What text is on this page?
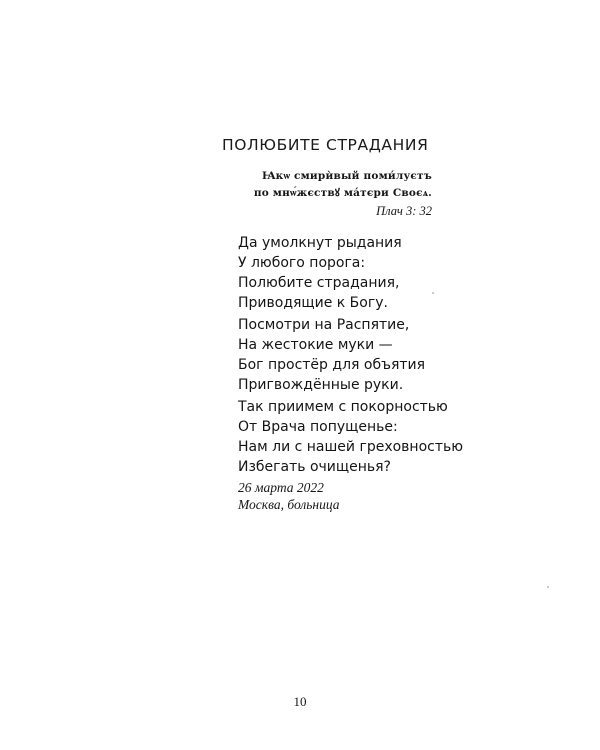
ПОЛЮБИТЕ СТРАДАНИЯ
Ꙗкѡ смирѝвый поми́луєтъ
по мнѡ́жєствꙋ ма́тєри Своєѧ.
Плач 3: 32
Да умолкнут рыдания
У любого порога:
Полюбите страдания,
Приводящие к Богу.
Посмотри на Распятие,
На жестокие муки —
Бог простёр для объятия
Пригвождённые руки.
Так приимем с покорностью
От Врача попущенье:
Нам ли с нашей греховностью
Избегать очищенья?
26 марта 2022
Москва, больница
10
